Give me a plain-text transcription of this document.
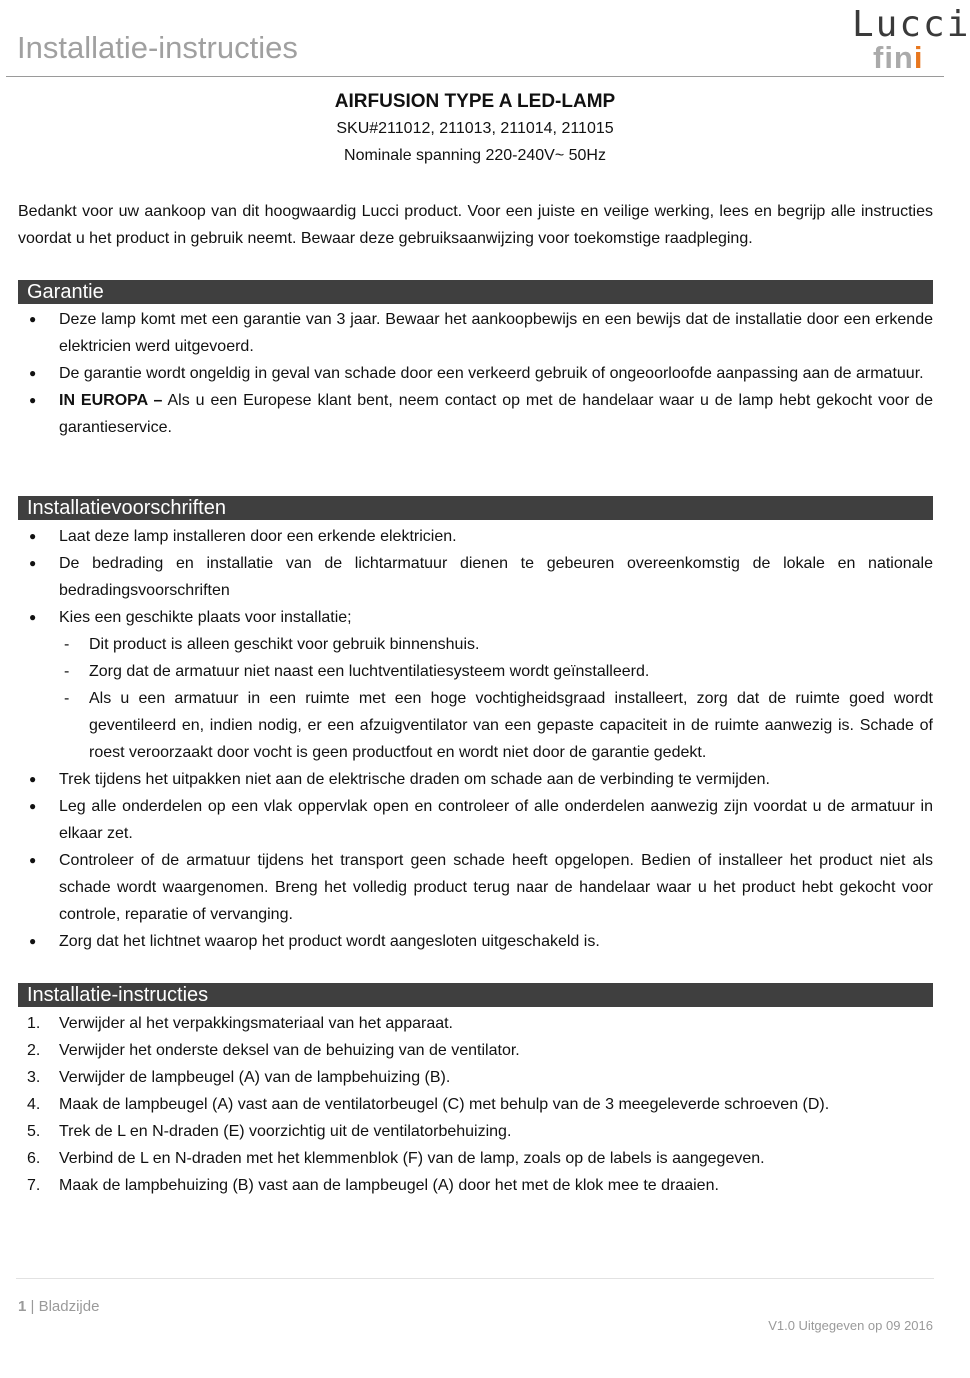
Installatie-instructies
Lucci
fini
AIRFUSION TYPE A LED-LAMP
SKU#211012, 211013, 211014, 211015
Nominale spanning 220-240V~ 50Hz

Bedankt voor uw aankoop van dit hoogwaardig Lucci product. Voor een juiste en veilige werking, lees en begrijp alle instructies voordat u het product in gebruik neemt. Bewaar deze gebruiksaanwijzing voor toekomstige raadpleging.

Garantie
● Deze lamp komt met een garantie van 3 jaar. Bewaar het aankoopbewijs en een bewijs dat de installatie door een erkende elektricien werd uitgevoerd.
● De garantie wordt ongeldig in geval van schade door een verkeerd gebruik of ongeoorloofde aanpassing aan de armatuur.
● IN EUROPA – Als u een Europese klant bent, neem contact op met de handelaar waar u de lamp hebt gekocht voor de garantieservice.
Installatievoorschriften
● Laat deze lamp installeren door een erkende elektricien.
● De bedrading en installatie van de lichtarmatuur dienen te gebeuren overeenkomstig de lokale en nationale bedradingsvoorschriften
● Kies een geschikte plaats voor installatie;
- Dit product is alleen geschikt voor gebruik binnenshuis.
- Zorg dat de armatuur niet naast een luchtventilatiesysteem wordt geïnstalleerd.
- Als u een armatuur in een ruimte met een hoge vochtigheidsgraad installeert, zorg dat de ruimte goed wordt geventileerd en, indien nodig, er een afzuigventilator van een gepaste capaciteit in de ruimte aanwezig is. Schade of roest veroorzaakt door vocht is geen productfout en wordt niet door de garantie gedekt.
● Trek tijdens het uitpakken niet aan de elektrische draden om schade aan de verbinding te vermijden.
● Leg alle onderdelen op een vlak oppervlak open en controleer of alle onderdelen aanwezig zijn voordat u de armatuur in elkaar zet.
● Controleer of de armatuur tijdens het transport geen schade heeft opgelopen. Bedien of installeer het product niet als schade wordt waargenomen. Breng het volledig product terug naar de handelaar waar u het product hebt gekocht voor controle, reparatie of vervanging.
● Zorg dat het lichtnet waarop het product wordt aangesloten uitgeschakeld is.
Installatie-instructies
1. Verwijder al het verpakkingsmateriaal van het apparaat.
2. Verwijder het onderste deksel van de behuizing van de ventilator.
3. Verwijder de lampbeugel (A) van de lampbehuizing (B).
4. Maak de lampbeugel (A) vast aan de ventilatorbeugel (C) met behulp van de 3 meegeleverde schroeven (D).
5. Trek de L en N-draden (E) voorzichtig uit de ventilatorbehuizing.
6. Verbind de L en N-draden met het klemmenblok (F) van de lamp, zoals op de labels is aangegeven.
7. Maak de lampbehuizing (B) vast aan de lampbeugel (A) door het met de klok mee te draaien.
1 | Bladzijde
V1.0 Uitgegeven op 09 2016
